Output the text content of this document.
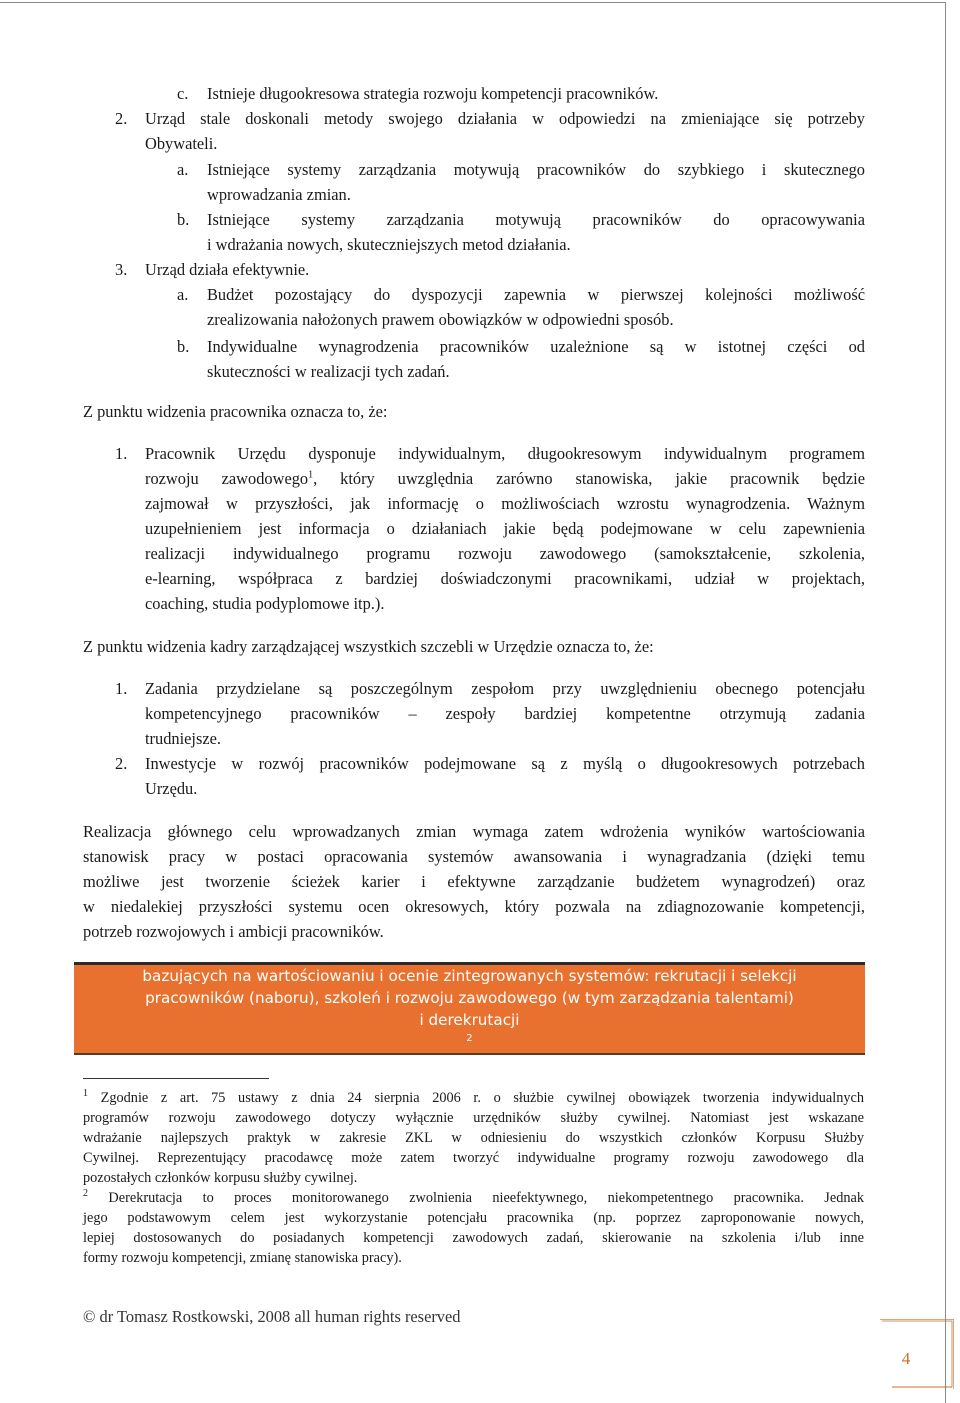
c. Istnieje długookresowa strategia rozwoju kompetencji pracowników.
2. Urząd stale doskonali metody swojego działania w odpowiedzi na zmieniające się potrzeby
Obywateli.
a. Istniejące systemy zarządzania motywują pracowników do szybkiego i skutecznego
wprowadzania zmian.
b. Istniejące systemy zarządzania motywują pracowników do opracowywania
i wdrażania nowych, skuteczniejszych metod działania.
3. Urząd działa efektywnie.
a. Budżet pozostający do dyspozycji zapewnia w pierwszej kolejności możliwość
zrealizowania nałożonych prawem obowiązków w odpowiedni sposób.
b. Indywidualne wynagrodzenia pracowników uzależnione są w istotnej części od
skuteczności w realizacji tych zadań.
Z punktu widzenia pracownika oznacza to, że:
1. Pracownik Urzędu dysponuje indywidualnym, długookresowym indywidualnym programem
rozwoju zawodowego$^1$, który uwzględnia zarówno stanowiska, jakie pracownik będzie
zajmował w przyszłości, jak informację o możliwościach wzrostu wynagrodzenia. Ważnym
uzupełnieniem jest informacja o działaniach jakie będą podejmowane w celu zapewnienia
realizacji indywidualnego programu rozwoju zawodowego (samokształcenie, szkolenia,
e-learning, współpraca z bardziej doświadczonymi pracownikami, udział w projektach,
coaching, studia podyplomowe itp.).
Z punktu widzenia kadry zarządzającej wszystkich szczebli w Urzędzie oznacza to, że:
1. Zadania przydzielane są poszczególnym zespołom przy uwzględnieniu obecnego potencjału
kompetencyjnego pracowników – zespoły bardziej kompetentne otrzymują zadania
trudniejsze.
2. Inwestycje w rozwój pracowników podejmowane są z myślą o długookresowych potrzebach
Urzędu.
Realizacja głównego celu wprowadzanych zmian wymaga zatem wdrożenia wyników wartościowania
stanowisk pracy w postaci opracowania systemów awansowania i wynagradzania (dzięki temu
możliwe jest tworzenie ścieżek karier i efektywne zarządzanie budżetem wynagrodzeń) oraz
w niedalekiej przyszłości systemu ocen okresowych, który pozwala na zdiagnozowanie kompetencji,
potrzeb rozwojowych i ambicji pracowników.
Połączenie potrzeb organizacji i potrzeb pracowników jest możliwe dzięki wprowadzeniu
bazujących na wartościowaniu i ocenie zintegrowanych systemów: rekrutacji i selekcji
pracowników (naboru), szkoleń i rozwoju zawodowego (w tym zarządzania talentami)
i derekrutacji
$^2$
.
$^1$ Zgodnie z art. 75 ustawy z dnia 24 sierpnia 2006 r. o służbie cywilnej obowiązek tworzenia indywidualnych
programów rozwoju zawodowego dotyczy wyłącznie urzędników służby cywilnej. Natomiast jest wskazane
wdrażanie najlepszych praktyk w zakresie ZKL w odniesieniu do wszystkich członków Korpusu Służby
Cywilnej. Reprezentujący pracodawcę może zatem tworzyć indywidualne programy rozwoju zawodowego dla
pozostałych członków korpusu służby cywilnej.
$^2$ Derekrutacja to proces monitorowanego zwolnienia nieefektywnego, niekompetentnego pracownika. Jednak
jego podstawowym celem jest wykorzystanie potencjału pracownika (np. poprzez zaproponowanie nowych,
lepiej dostosowanych do posiadanych kompetencji zawodowych zadań, skierowanie na szkolenia i/lub inne
formy rozwoju kompetencji, zmianę stanowiska pracy).
© dr Tomasz Rostkowski, 2008 all human rights reserved
4
